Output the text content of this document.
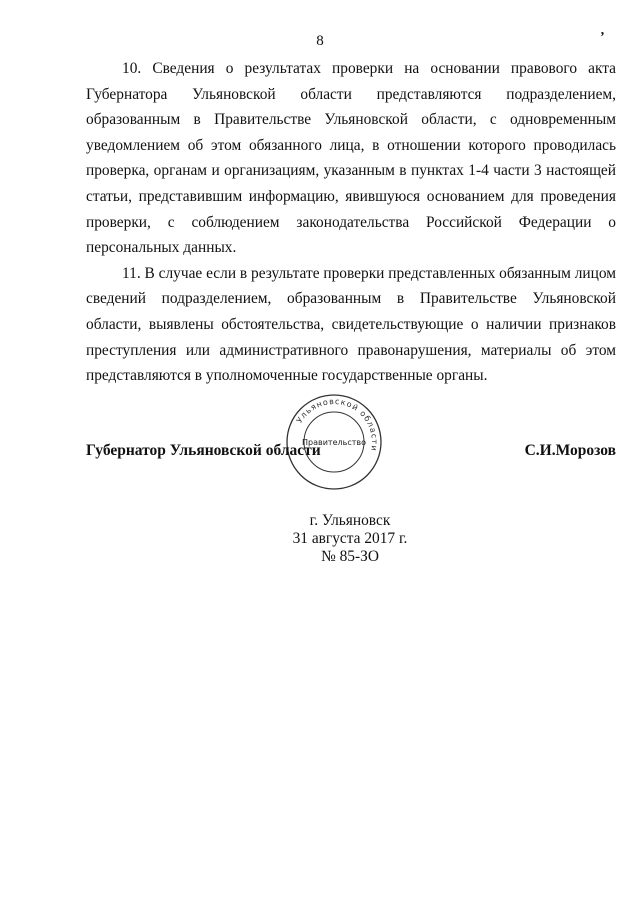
8	’

10. Сведения о результатах проверки на основании правового акта Губернатора Ульяновской области представляются подразделением, образованным в Правительстве Ульяновской области, с одновременным уведомлением об этом обязанного лица, в отношении которого проводилась проверка, органам и организациям, указанным в пунктах 1-4 части 3 настоящей статьи, представившим информацию, явившуюся основанием для проведения проверки, с соблюдением законодательства Российской Федерации о персональных данных.

11. В случае если в результате проверки представленных обязанным лицом сведений подразделением, образованным в Правительстве Ульяновской области, выявлены обстоятельства, свидетельствующие о наличии признаков преступления или административного правонарушения, материалы об этом представляются в уполномоченные государственные органы.

Ульяновской области
Правительство
Губернатор Ульяновской области	С.И.Морозов
г. Ульяновск
31 августа 2017 г.
№ 85-ЗО
